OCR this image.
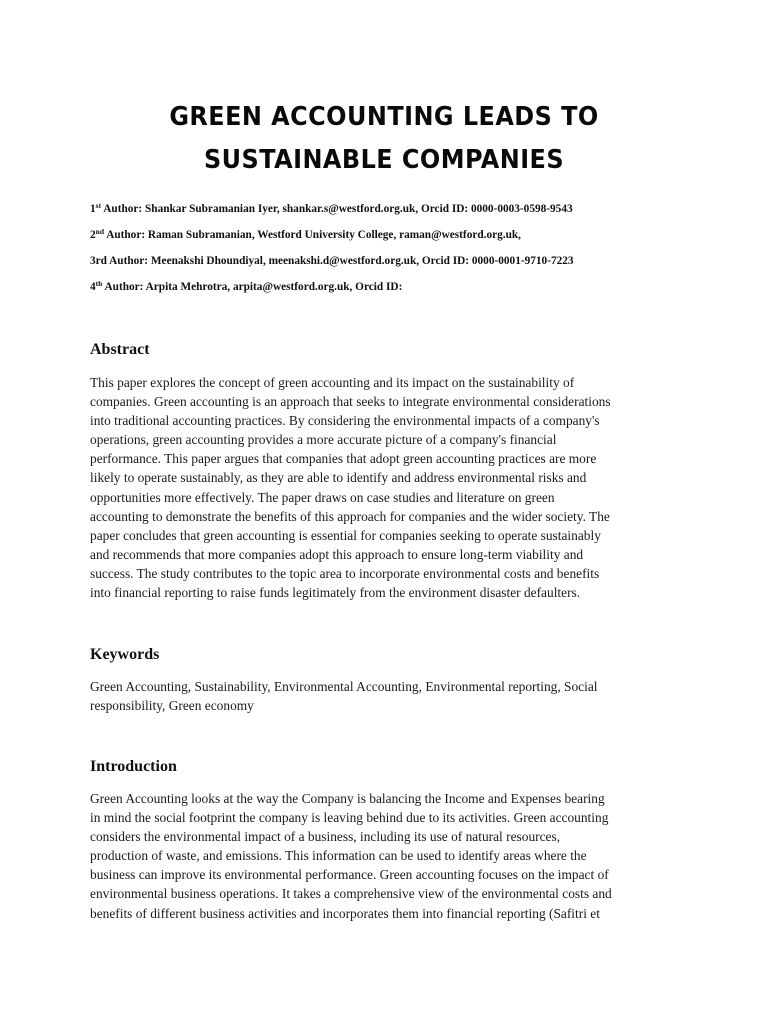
GREEN ACCOUNTING LEADS TO
SUSTAINABLE COMPANIES
1st Author: Shankar Subramanian Iyer, shankar.s@westford.org.uk, Orcid ID: 0000-0003-0598-9543
2nd Author: Raman Subramanian, Westford University College, raman@westford.org.uk,
3rd Author: Meenakshi Dhoundiyal, meenakshi.d@westford.org.uk, Orcid ID: 0000-0001-9710-7223
4th Author: Arpita Mehrotra, arpita@westford.org.uk, Orcid ID:
Abstract
This paper explores the concept of green accounting and its impact on the sustainability of
companies. Green accounting is an approach that seeks to integrate environmental considerations
into traditional accounting practices. By considering the environmental impacts of a company's
operations, green accounting provides a more accurate picture of a company's financial
performance. This paper argues that companies that adopt green accounting practices are more
likely to operate sustainably, as they are able to identify and address environmental risks and
opportunities more effectively. The paper draws on case studies and literature on green
accounting to demonstrate the benefits of this approach for companies and the wider society. The
paper concludes that green accounting is essential for companies seeking to operate sustainably
and recommends that more companies adopt this approach to ensure long-term viability and
success. The study contributes to the topic area to incorporate environmental costs and benefits
into financial reporting to raise funds legitimately from the environment disaster defaulters.
Keywords
Green Accounting, Sustainability, Environmental Accounting, Environmental reporting, Social
responsibility, Green economy
Introduction
Green Accounting looks at the way the Company is balancing the Income and Expenses bearing
in mind the social footprint the company is leaving behind due to its activities. Green accounting
considers the environmental impact of a business, including its use of natural resources,
production of waste, and emissions. This information can be used to identify areas where the
business can improve its environmental performance. Green accounting focuses on the impact of
environmental business operations. It takes a comprehensive view of the environmental costs and
benefits of different business activities and incorporates them into financial reporting (Safitri et
